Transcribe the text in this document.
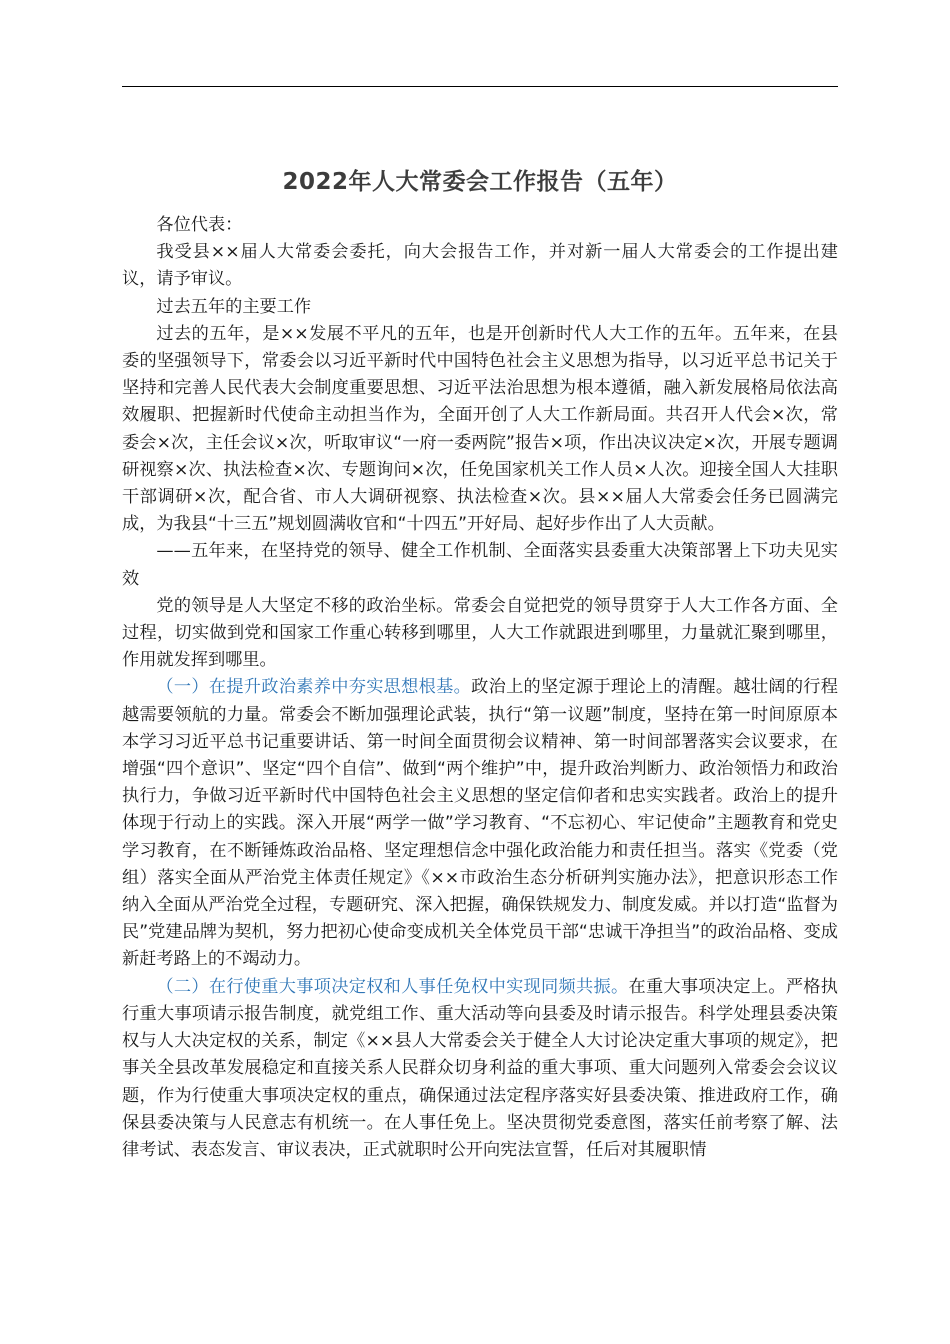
2022年人大常委会工作报告（五年）

各位代表：

我受县××届人大常委会委托，向大会报告工作，并对新一届人大常委会的工作提出建议，请予审议。

过去五年的主要工作

过去的五年，是××发展不平凡的五年，也是开创新时代人大工作的五年。五年来，在县委的坚强领导下，常委会以习近平新时代中国特色社会主义思想为指导，以习近平总书记关于坚持和完善人民代表大会制度重要思想、习近平法治思想为根本遵循，融入新发展格局依法高效履职、把握新时代使命主动担当作为，全面开创了人大工作新局面。共召开人代会×次，常委会×次，主任会议×次，听取审议“一府一委两院”报告×项，作出决议决定×次，开展专题调研视察×次、执法检查×次、专题询问×次，任免国家机关工作人员×人次。迎接全国人大挂职干部调研×次，配合省、市人大调研视察、执法检查×次。县××届人大常委会任务已圆满完成，为我县“十三五”规划圆满收官和“十四五”开好局、起好步作出了人大贡献。

——五年来，在坚持党的领导、健全工作机制、全面落实县委重大决策部署上下功夫见实效

党的领导是人大坚定不移的政治坐标。常委会自觉把党的领导贯穿于人大工作各方面、全过程，切实做到党和国家工作重心转移到哪里，人大工作就跟进到哪里，力量就汇聚到哪里，作用就发挥到哪里。

（一）在提升政治素养中夯实思想根基。政治上的坚定源于理论上的清醒。越壮阔的行程越需要领航的力量。常委会不断加强理论武装，执行“第一议题”制度，坚持在第一时间原原本本学习习近平总书记重要讲话、第一时间全面贯彻会议精神、第一时间部署落实会议要求，在增强“四个意识”、坚定“四个自信”、做到“两个维护”中，提升政治判断力、政治领悟力和政治执行力，争做习近平新时代中国特色社会主义思想的坚定信仰者和忠实实践者。政治上的提升体现于行动上的实践。深入开展“两学一做”学习教育、“不忘初心、牢记使命”主题教育和党史学习教育，在不断锤炼政治品格、坚定理想信念中强化政治能力和责任担当。落实《党委（党组）落实全面从严治党主体责任规定》《××市政治生态分析研判实施办法》，把意识形态工作纳入全面从严治党全过程，专题研究、深入把握，确保铁规发力、制度发威。并以打造“监督为民”党建品牌为契机，努力把初心使命变成机关全体党员干部“忠诚干净担当”的政治品格、变成新赶考路上的不竭动力。

（二）在行使重大事项决定权和人事任免权中实现同频共振。在重大事项决定上。严格执行重大事项请示报告制度，就党组工作、重大活动等向县委及时请示报告。科学处理县委决策权与人大决定权的关系，制定《××县人大常委会关于健全人大讨论决定重大事项的规定》，把事关全县改革发展稳定和直接关系人民群众切身利益的重大事项、重大问题列入常委会会议议题，作为行使重大事项决定权的重点，确保通过法定程序落实好县委决策、推进政府工作，确保县委决策与人民意志有机统一。在人事任免上。坚决贯彻党委意图，落实任前考察了解、法律考试、表态发言、审议表决，正式就职时公开向宪法宣誓，任后对其履职情
